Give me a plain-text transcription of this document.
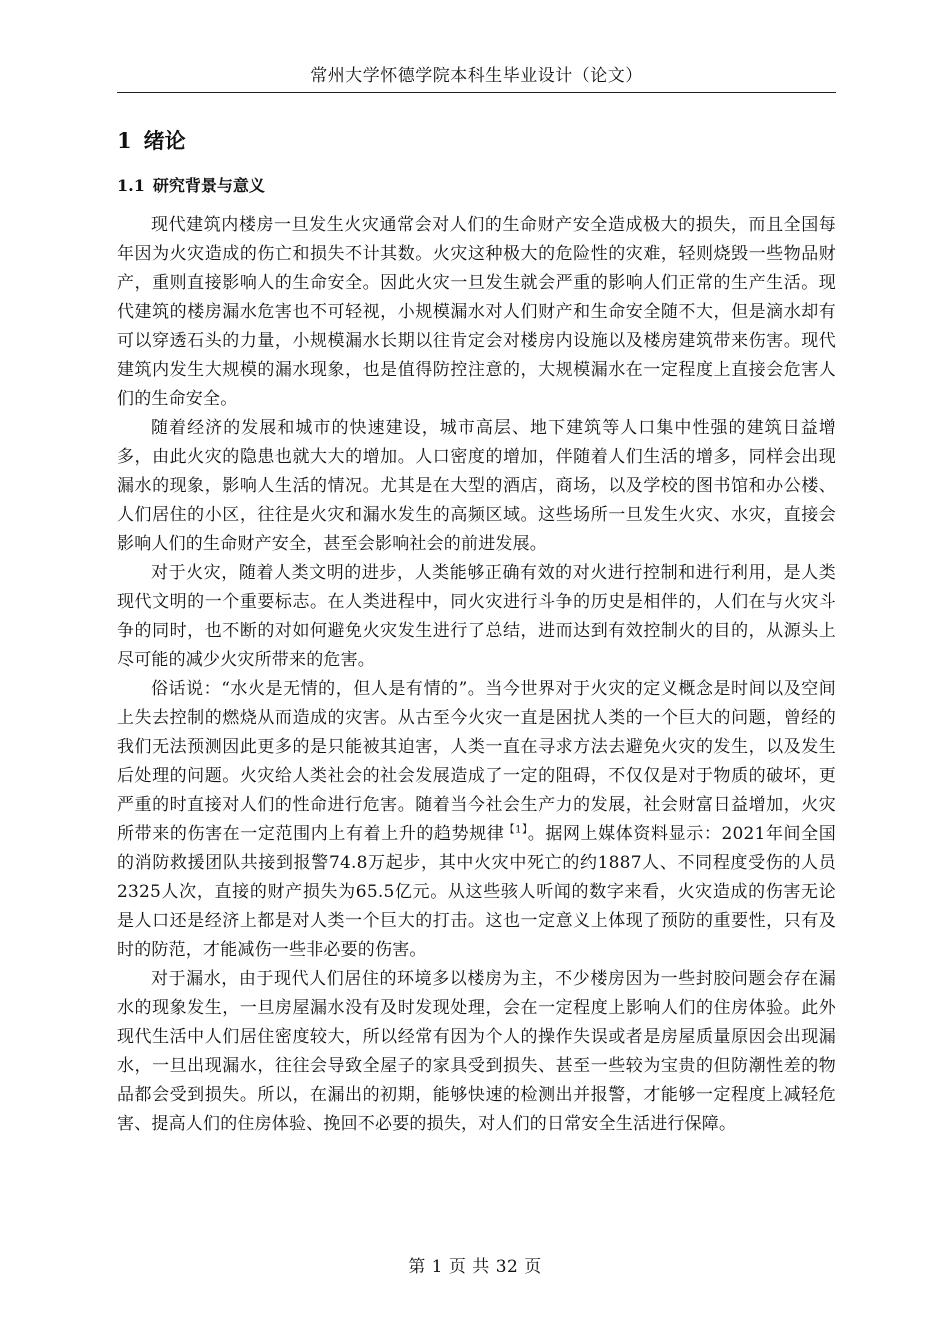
常州大学怀德学院本科生毕业设计（论文）
1 绪论
1.1 研究背景与意义

现代建筑内楼房一旦发生火灾通常会对人们的生命财产安全造成极大的损失，而且全国每年因为火灾造成的伤亡和损失不计其数。火灾这种极大的危险性的灾难，轻则烧毁一些物品财产，重则直接影响人的生命安全。因此火灾一旦发生就会严重的影响人们正常的生产生活。现代建筑的楼房漏水危害也不可轻视，小规模漏水对人们财产和生命安全随不大，但是滴水却有可以穿透石头的力量，小规模漏水长期以往肯定会对楼房内设施以及楼房建筑带来伤害。现代建筑内发生大规模的漏水现象，也是值得防控注意的，大规模漏水在一定程度上直接会危害人们的生命安全。

随着经济的发展和城市的快速建设，城市高层、地下建筑等人口集中性强的建筑日益增多，由此火灾的隐患也就大大的增加。人口密度的增加，伴随着人们生活的增多，同样会出现漏水的现象，影响人生活的情况。尤其是在大型的酒店，商场，以及学校的图书馆和办公楼、人们居住的小区，往往是火灾和漏水发生的高频区域。这些场所一旦发生火灾、水灾，直接会影响人们的生命财产安全，甚至会影响社会的前进发展。

对于火灾，随着人类文明的进步，人类能够正确有效的对火进行控制和进行利用，是人类现代文明的一个重要标志。在人类进程中，同火灾进行斗争的历史是相伴的，人们在与火灾斗争的同时，也不断的对如何避免火灾发生进行了总结，进而达到有效控制火的目的，从源头上尽可能的减少火灾所带来的危害。

俗话说：“水火是无情的，但人是有情的”。当今世界对于火灾的定义概念是时间以及空间上失去控制的燃烧从而造成的灾害。从古至今火灾一直是困扰人类的一个巨大的问题，曾经的我们无法预测因此更多的是只能被其迫害，人类一直在寻求方法去避免火灾的发生，以及发生后处理的问题。火灾给人类社会的社会发展造成了一定的阻碍，不仅仅是对于物质的破坏，更严重的时直接对人们的性命进行危害。随着当今社会生产力的发展，社会财富日益增加，火灾所带来的伤害在一定范围内上有着上升的趋势规律$^{【1】}$。据网上媒体资料显示：2021年间全国的消防救援团队共接到报警74.8万起步，其中火灾中死亡的约1887人、不同程度受伤的人员2325人次，直接的财产损失为65.5亿元。从这些骇人听闻的数字来看，火灾造成的伤害无论是人口还是经济上都是对人类一个巨大的打击。这也一定意义上体现了预防的重要性，只有及时的防范，才能减伤一些非必要的伤害。

对于漏水，由于现代人们居住的环境多以楼房为主，不少楼房因为一些封胶问题会存在漏水的现象发生，一旦房屋漏水没有及时发现处理，会在一定程度上影响人们的住房体验。此外现代生活中人们居住密度较大，所以经常有因为个人的操作失误或者是房屋质量原因会出现漏水，一旦出现漏水，往往会导致全屋子的家具受到损失、甚至一些较为宝贵的但防潮性差的物品都会受到损失。所以，在漏出的初期，能够快速的检测出并报警，才能够一定程度上减轻危害、提高人们的住房体验、挽回不必要的损失，对人们的日常安全生活进行保障。

第 1 页 共 32 页
